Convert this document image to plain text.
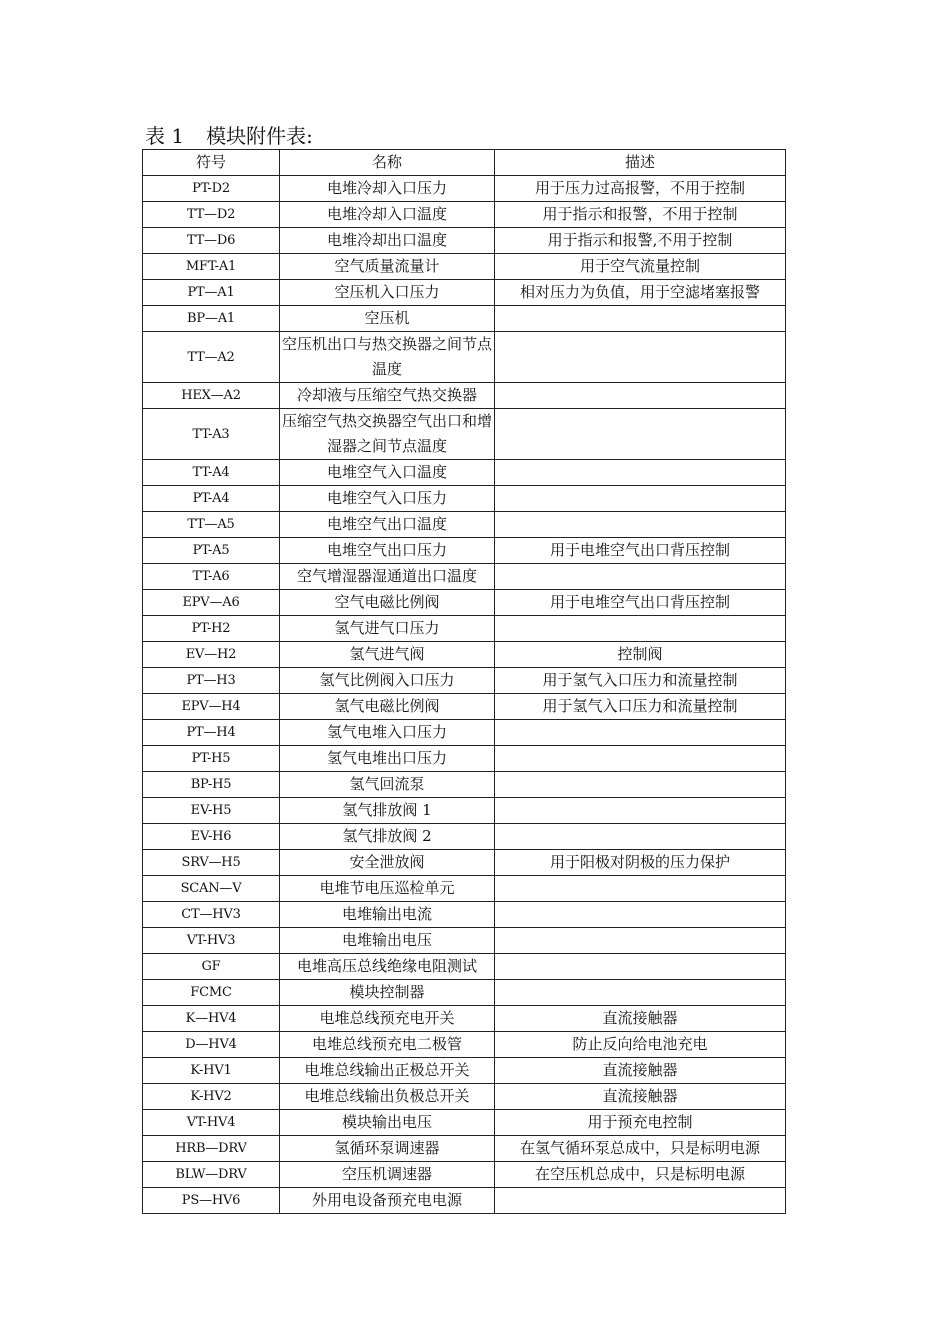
表 1 模块附件表:
符号	名称	描述
PT-D2	电堆冷却入口压力	用于压力过高报警，不用于控制
TT—D2	电堆冷却入口温度	用于指示和报警，不用于控制
TT—D6	电堆冷却出口温度	用于指示和报警,不用于控制
MFT-A1	空气质量流量计	用于空气流量控制
PT—A1	空压机入口压力	相对压力为负值，用于空滤堵塞报警
BP—A1	空压机	
TT—A2	空压机出口与热交换器之间节点温度	
HEX—A2	冷却液与压缩空气热交换器	
TT-A3	压缩空气热交换器空气出口和增湿器之间节点温度	
TT-A4	电堆空气入口温度	
PT-A4	电堆空气入口压力	
TT—A5	电堆空气出口温度	
PT-A5	电堆空气出口压力	用于电堆空气出口背压控制
TT-A6	空气增湿器湿通道出口温度	
EPV—A6	空气电磁比例阀	用于电堆空气出口背压控制
PT-H2	氢气进气口压力	
EV—H2	氢气进气阀	控制阀
PT—H3	氢气比例阀入口压力	用于氢气入口压力和流量控制
EPV—H4	氢气电磁比例阀	用于氢气入口压力和流量控制
PT—H4	氢气电堆入口压力	
PT-H5	氢气电堆出口压力	
BP-H5	氢气回流泵	
EV-H5	氢气排放阀 1	
EV-H6	氢气排放阀 2	
SRV—H5	安全泄放阀	用于阳极对阴极的压力保护
SCAN—V	电堆节电压巡检单元	
CT—HV3	电堆输出电流	
VT-HV3	电堆输出电压	
GF	电堆高压总线绝缘电阻测试	
FCMC	模块控制器	
K—HV4	电堆总线预充电开关	直流接触器
D—HV4	电堆总线预充电二极管	防止反向给电池充电
K-HV1	电堆总线输出正极总开关	直流接触器
K-HV2	电堆总线输出负极总开关	直流接触器
VT-HV4	模块输出电压	用于预充电控制
HRB—DRV	氢循环泵调速器	在氢气循环泵总成中，只是标明电源
BLW—DRV	空压机调速器	在空压机总成中，只是标明电源
PS—HV6	外用电设备预充电电源	
